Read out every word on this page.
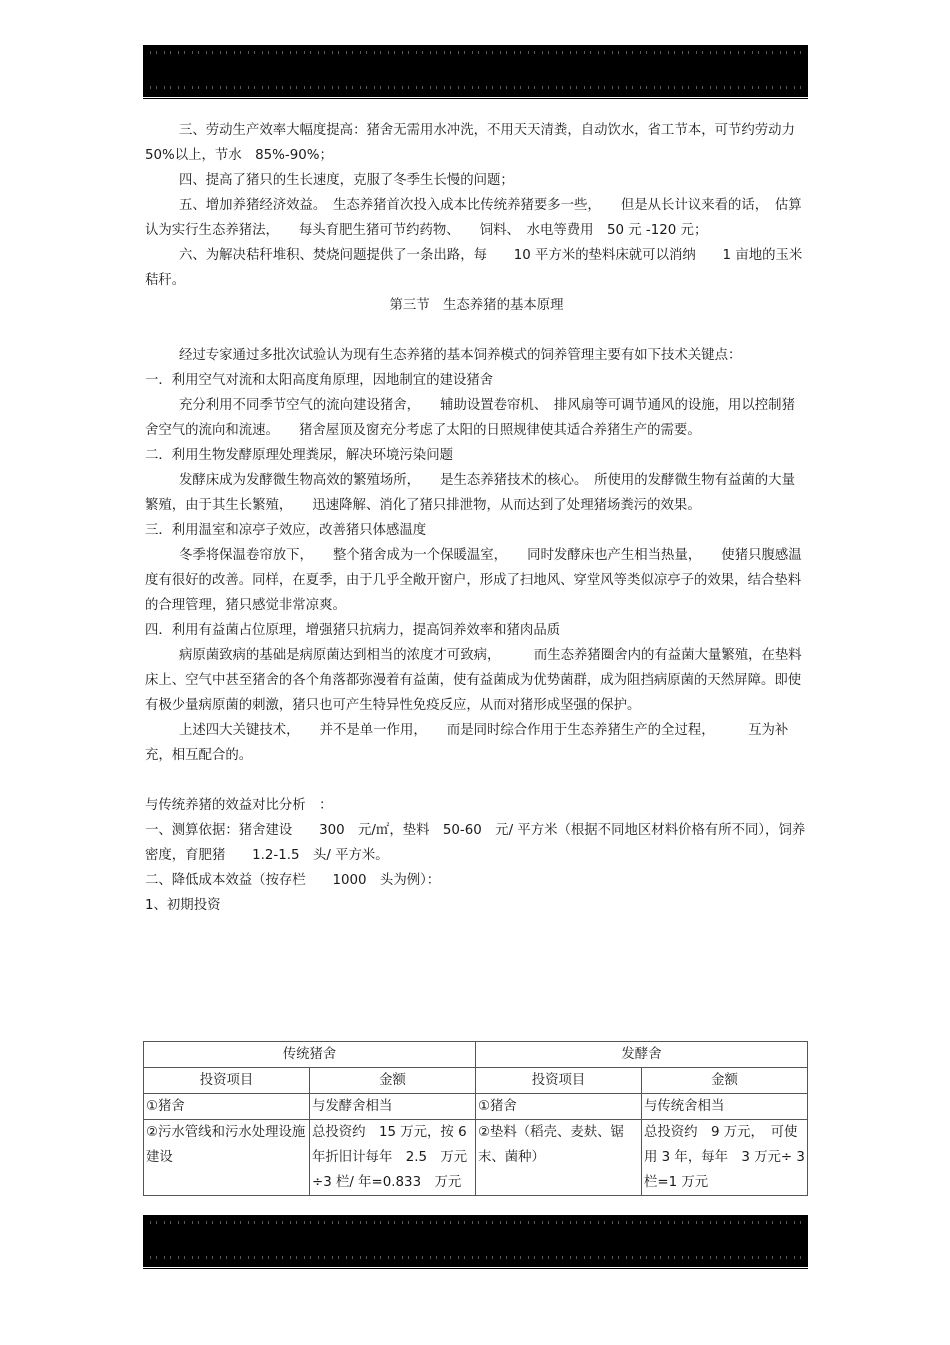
三、劳动生产效率大幅度提高：猪舍无需用水冲洗，不用天天清粪，自动饮水，省工节本，可节约劳动力　50%以上，节水　85%-90%；

四、提高了猪只的生长速度，克服了冬季生长慢的问题；

五、增加养猪经济效益。　生态养猪首次投入成本比传统养猪要多一些，　　但是从长计议来看的话，　估算认为实行生态养猪法，　　每头育肥生猪可节约药物、　　饲料、　水电等费用　50 元 -120 元；

六、为解决秸秆堆积、焚烧问题提供了一条出路，每　　10 平方米的垫料床就可以消纳　　1 亩地的玉米秸秆。

第三节　生态养猪的基本原理

经过专家通过多批次试验认为现有生态养猪的基本饲养模式的饲养管理主要有如下技术关键点：

一．利用空气对流和太阳高度角原理，因地制宜的建设猪舍

充分利用不同季节空气的流向建设猪舍，　　辅助设置卷帘机、　排风扇等可调节通风的设施，用以控制猪舍空气的流向和流速。　　猪舍屋顶及窗充分考虑了太阳的日照规律使其适合养猪生产的需要。

二．利用生物发酵原理处理粪尿，解决环境污染问题

发酵床成为发酵微生物高效的繁殖场所，　　是生态养猪技术的核心。　所使用的发酵微生物有益菌的大量繁殖，由于其生长繁殖，　　迅速降解、消化了猪只排泄物，从而达到了处理猪场粪污的效果。

三．利用温室和凉亭子效应，改善猪只体感温度

冬季将保温卷帘放下，　　整个猪舍成为一个保暖温室，　　同时发酵床也产生相当热量，　　使猪只腹感温度有很好的改善。同样，在夏季，由于几乎全敞开窗户，形成了扫地风、穿堂风等类似凉亭子的效果，结合垫料的合理管理，猪只感觉非常凉爽。

四．利用有益菌占位原理，增强猪只抗病力，提高饲养效率和猪肉品质

病原菌致病的基础是病原菌达到相当的浓度才可致病，　　　而生态养猪圈舍内的有益菌大量繁殖，在垫料床上、空气中甚至猪舍的各个角落都弥漫着有益菌，使有益菌成为优势菌群，成为阻挡病原菌的天然屏障。即使有极少量病原菌的刺激，猪只也可产生特异性免疫反应，从而对猪形成坚强的保护。

上述四大关键技术，　　并不是单一作用，　　而是同时综合作用于生态养猪生产的全过程，　　　互为补充，相互配合的。

与传统养猪的效益对比分析　：

一、测算依据：猪舍建设　　300　元/㎡，垫料　50-60　元/ 平方米（根据不同地区材料价格有所不同），饲养密度，育肥猪　　1.2-1.5　头/ 平方米。

二、降低成本效益（按存栏　　1000　头为例）：

1、初期投资

传统猪舍		发酵舍	
投资项目	金额	投资项目	金额
①猪舍	与发酵舍相当	①猪舍	与传统舍相当
②污水管线和污水处理设施建设	总投资约　15 万元，按 6 年折旧计每年　2.5　万元÷3 栏/ 年=0.833　万元	②垫料（稻壳、麦麸、锯末、菌种）	总投资约　9 万元，　可使用 3 年，每年　3 万元÷ 3 栏=1 万元
